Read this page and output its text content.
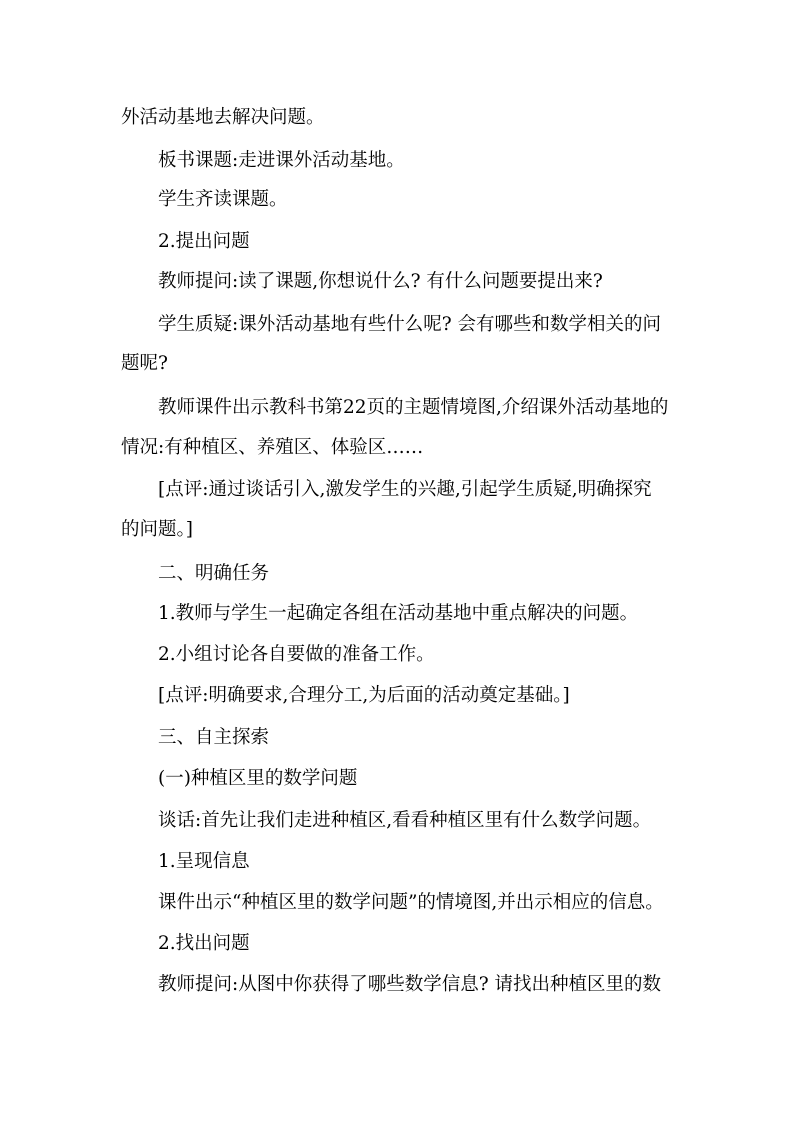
外活动基地去解决问题。

板书课题:走进课外活动基地。

学生齐读课题。

2.提出问题

教师提问:读了课题,你想说什么? 有什么问题要提出来?

学生质疑:课外活动基地有些什么呢? 会有哪些和数学相关的问

题呢?

教师课件出示教科书第22页的主题情境图,介绍课外活动基地的

情况:有种植区、养殖区、体验区……

[点评:通过谈话引入,激发学生的兴趣,引起学生质疑,明确探究

的问题。]

二、明确任务

1.教师与学生一起确定各组在活动基地中重点解决的问题。

2.小组讨论各自要做的准备工作。

[点评:明确要求,合理分工,为后面的活动奠定基础。]

三、自主探索

(一)种植区里的数学问题

谈话:首先让我们走进种植区,看看种植区里有什么数学问题。

1.呈现信息

课件出示“种植区里的数学问题”的情境图,并出示相应的信息。

2.找出问题

教师提问:从图中你获得了哪些数学信息? 请找出种植区里的数
